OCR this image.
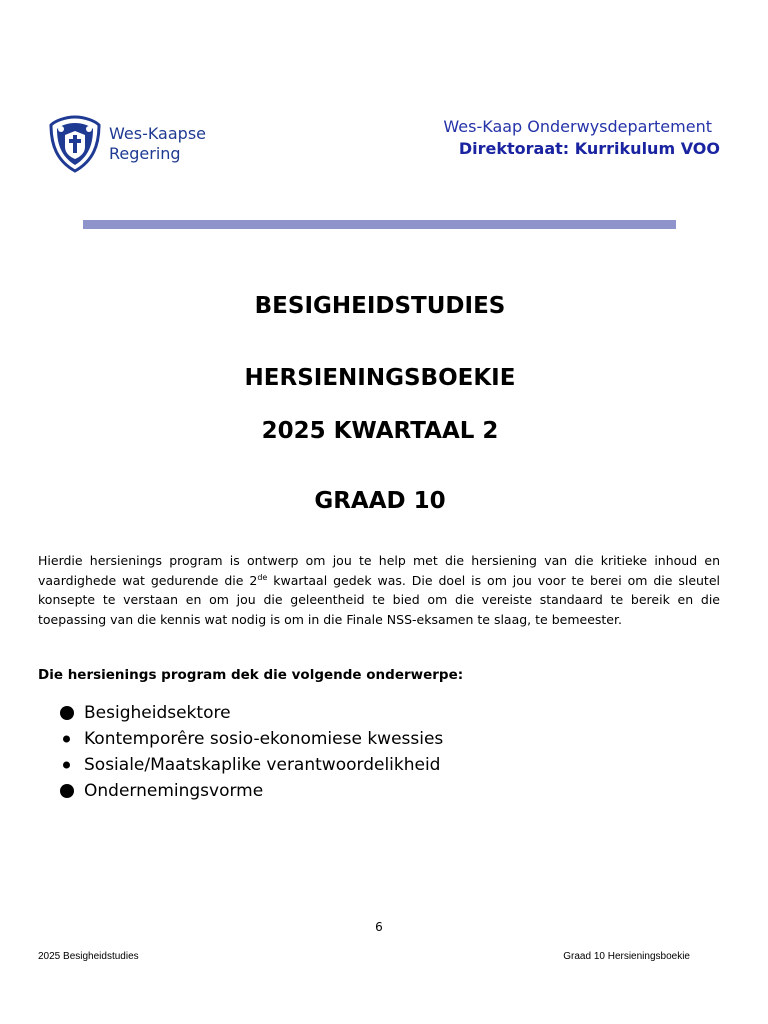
Wes-Kaapse
Regering
Wes-Kaap Onderwysdepartement
Direktoraat: Kurrikulum VOO
BESIGHEIDSTUDIES
HERSIENINGSBOEKIE
2025 KWARTAAL 2
GRAAD 10

Hierdie hersienings program is ontwerp om jou te help met die hersiening van die kritieke inhoud en vaardighede wat gedurende die 2de kwartaal gedek was. Die doel is om jou voor te berei om die sleutel konsepte te verstaan en om jou die geleentheid te bied om die vereiste standaard te bereik en die toepassing van die kennis wat nodig is om in die Finale NSS-eksamen te slaag, te bemeester.

Die hersienings program dek die volgende onderwerpe:
Besigheidsektore
Kontemporêre sosio-ekonomiese kwessies
Sosiale/Maatskaplike verantwoordelikheid
Ondernemingsvorme
6
2025 Besigheidstudies	Graad 10 Hersieningsboekie
